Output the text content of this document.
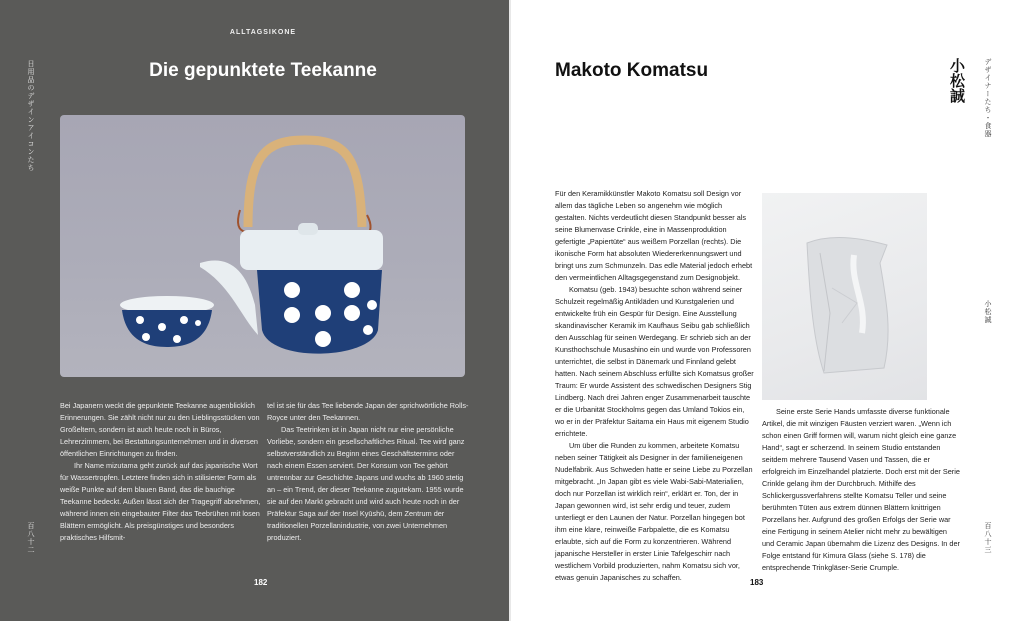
ALLTAGSIKONE
Die gepunktete Teekanne
日用品のデザインアイコンたち
百八十二

Bei Japanern weckt die gepunktete Teekanne augenblicklich Erinnerungen. Sie zählt nicht nur zu den Lieblingsstücken von Großeltern, sondern ist auch heute noch in Büros, Lehrerzimmern, bei Bestattungsunternehmen und in diversen öffentlichen Einrichtungen zu finden.

Ihr Name mizutama geht zurück auf das japanische Wort für Wassertropfen. Letztere finden sich in stilisierter Form als weiße Punkte auf dem blauen Band, das die bauchige Teekanne bedeckt. Außen lässt sich der Tragegriff abnehmen, während innen ein eingebauter Filter das Teebrühen mit losen Blättern ermöglicht. Als preisgünstiges und besonders praktisches Hilfsmit-

tel ist sie für das Tee liebende Japan der sprichwörtliche Rolls-Royce unter den Teekannen.

Das Teetrinken ist in Japan nicht nur eine persönliche Vorliebe, sondern ein gesellschaftliches Ritual. Tee wird ganz selbstverständlich zu Beginn eines Geschäftstermins oder nach einem Essen serviert. Der Konsum von Tee gehört untrennbar zur Geschichte Japans und wuchs ab 1960 stetig an – ein Trend, der dieser Teekanne zugutekam. 1955 wurde sie auf den Markt gebracht und wird auch heute noch in der Präfektur Saga auf der Insel Kyūshū, dem Zentrum der traditionellen Porzellanindustrie, von zwei Unternehmen produziert.

182
Makoto Komatsu	小松誠	デザイナーたち・食器
小松誠
百八十三

Für den Keramikkünstler Makoto Komatsu soll Design vor allem das tägliche Leben so angenehm wie möglich gestalten. Nichts verdeutlicht diesen Standpunkt besser als seine Blumenvase Crinkle, eine in Massenproduktion gefertigte „Papiertüte“ aus weißem Porzellan (rechts). Die ikonische Form hat absoluten Wiedererkennungswert und bringt uns zum Schmunzeln. Das edle Material jedoch erhebt den vermeintlichen Alltagsgegenstand zum Designobjekt.

Komatsu (geb. 1943) besuchte schon während seiner Schulzeit regelmäßig Antikläden und Kunstgalerien und entwickelte früh ein Gespür für Design. Eine Ausstellung skandinavischer Keramik im Kaufhaus Seibu gab schließlich den Ausschlag für seinen Werdegang. Er schrieb sich an der Kunsthochschule Musashino ein und wurde von Professoren unterrichtet, die selbst in Dänemark und Finnland gelebt hatten. Nach seinem Abschluss erfüllte sich Komatsus großer Traum: Er wurde Assistent des schwedischen Designers Stig Lindberg. Nach drei Jahren enger Zusammenarbeit tauschte er die Urbanität Stockholms gegen das Umland Tokios ein, wo er in der Präfektur Saitama ein Haus mit eigenem Studio errichtete.

Um über die Runden zu kommen, arbeitete Komatsu neben seiner Tätigkeit als Designer in der familieneigenen Nudelfabrik. Aus Schweden hatte er seine Liebe zu Porzellan mitgebracht. „In Japan gibt es viele Wabi-Sabi-Materialien, doch nur Porzellan ist wirklich rein“, erklärt er. Ton, der in Japan gewonnen wird, ist sehr erdig und teuer, zudem unterliegt er den Launen der Natur. Porzellan hingegen bot ihm eine klare, reinweiße Farbpalette, die es Komatsu erlaubte, sich auf die Form zu konzentrieren. Während japanische Hersteller in erster Linie Tafelgeschirr nach westlichem Vorbild produzierten, nahm Komatsu sich vor, etwas genuin Japanisches zu schaffen.

Seine erste Serie Hands umfasste diverse funktionale Artikel, die mit winzigen Fäusten verziert waren. „Wenn ich schon einen Griff formen will, warum nicht gleich eine ganze Hand“, sagt er scherzend. In seinem Studio entstanden seitdem mehrere Tausend Vasen und Tassen, die er erfolgreich im Einzelhandel platzierte. Doch erst mit der Serie Crinkle gelang ihm der Durchbruch. Mithilfe des Schlickergussverfahrens stellte Komatsu Teller und seine berühmten Tüten aus extrem dünnen Blättern knittrigen Porzellans her. Aufgrund des großen Erfolgs der Serie war eine Fertigung in seinem Atelier nicht mehr zu bewältigen und Ceramic Japan übernahm die Lizenz des Designs. In der Folge entstand für Kimura Glass (siehe S. 178) die entsprechende Trinkgläser-Serie Crumple.

183
